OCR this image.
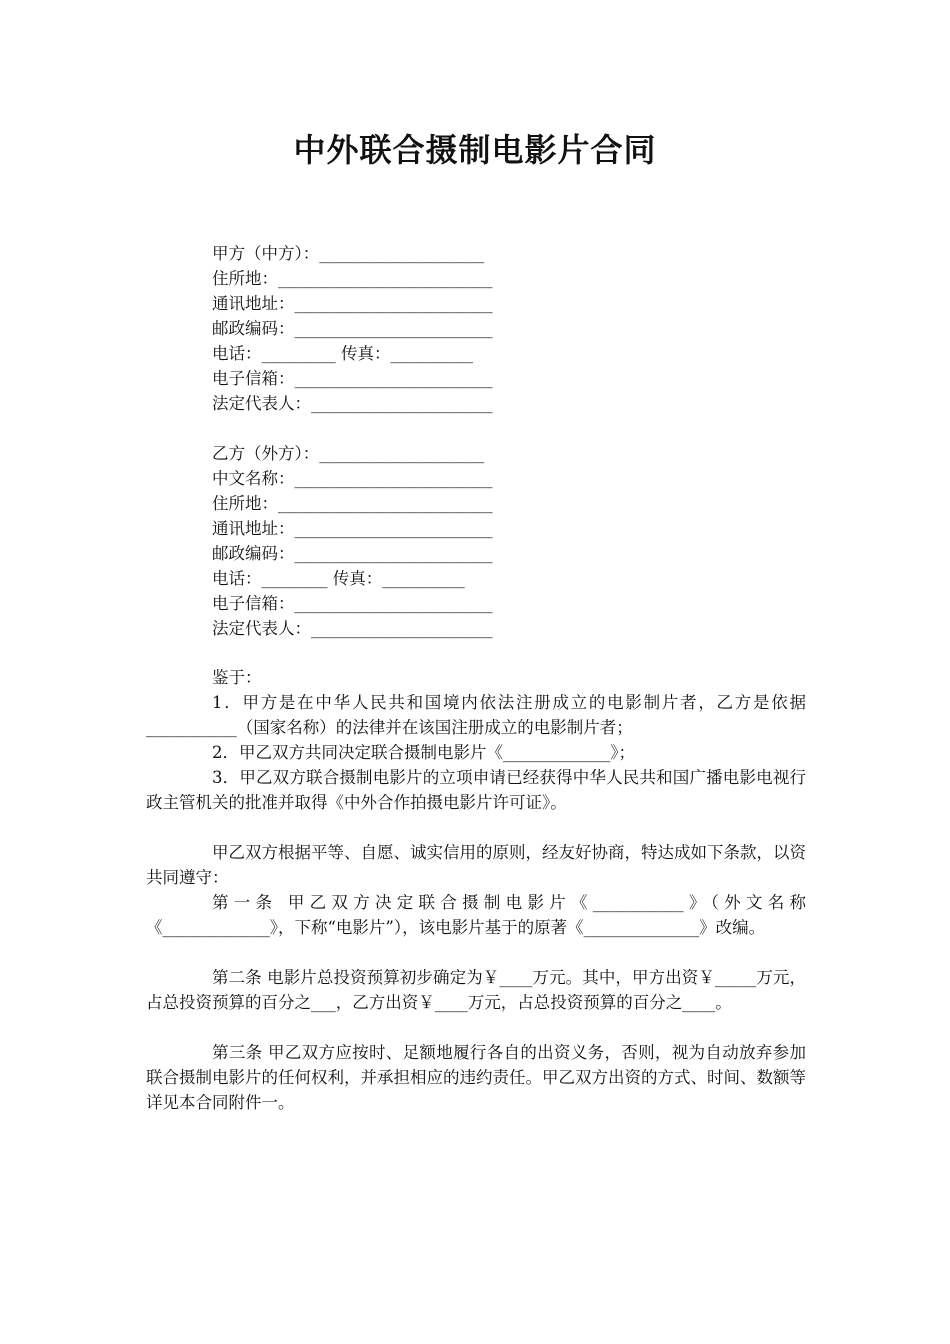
中外联合摄制电影片合同
甲方（中方）：____________________
住所地：__________________________
通讯地址：________________________
邮政编码：________________________
电话：_________ 传真：__________
电子信箱：________________________
法定代表人：______________________
乙方（外方）：____________________
中文名称：________________________
住所地：__________________________
通讯地址：________________________
邮政编码：________________________
电话：________ 传真：__________
电子信箱：________________________
法定代表人：______________________

鉴于：

1．甲方是在中华人民共和国境内依法注册成立的电影制片者，乙方是依据 ___________（国家名称）的法律并在该国注册成立的电影制片者；

2．甲乙双方共同决定联合摄制电影片《_____________》；

3．甲乙双方联合摄制电影片的立项申请已经获得中华人民共和国广播电影电视行政主管机关的批准并取得《中外合作拍摄电影片许可证》。

甲乙双方根据平等、自愿、诚实信用的原则，经友好协商，特达成如下条款，以资共同遵守：

第一条 甲乙双方决定联合摄制电影片《___________》（外文名称《_____________》，下称“电影片”），该电影片基于的原著《______________》改编。

第二条 电影片总投资预算初步确定为￥____万元。其中，甲方出资￥_____万元，占总投资预算的百分之___，乙方出资￥____万元，占总投资预算的百分之____。

第三条 甲乙双方应按时、足额地履行各自的出资义务，否则，视为自动放弃参加联合摄制电影片的任何权利，并承担相应的违约责任。甲乙双方出资的方式、时间、数额等详见本合同附件一。
